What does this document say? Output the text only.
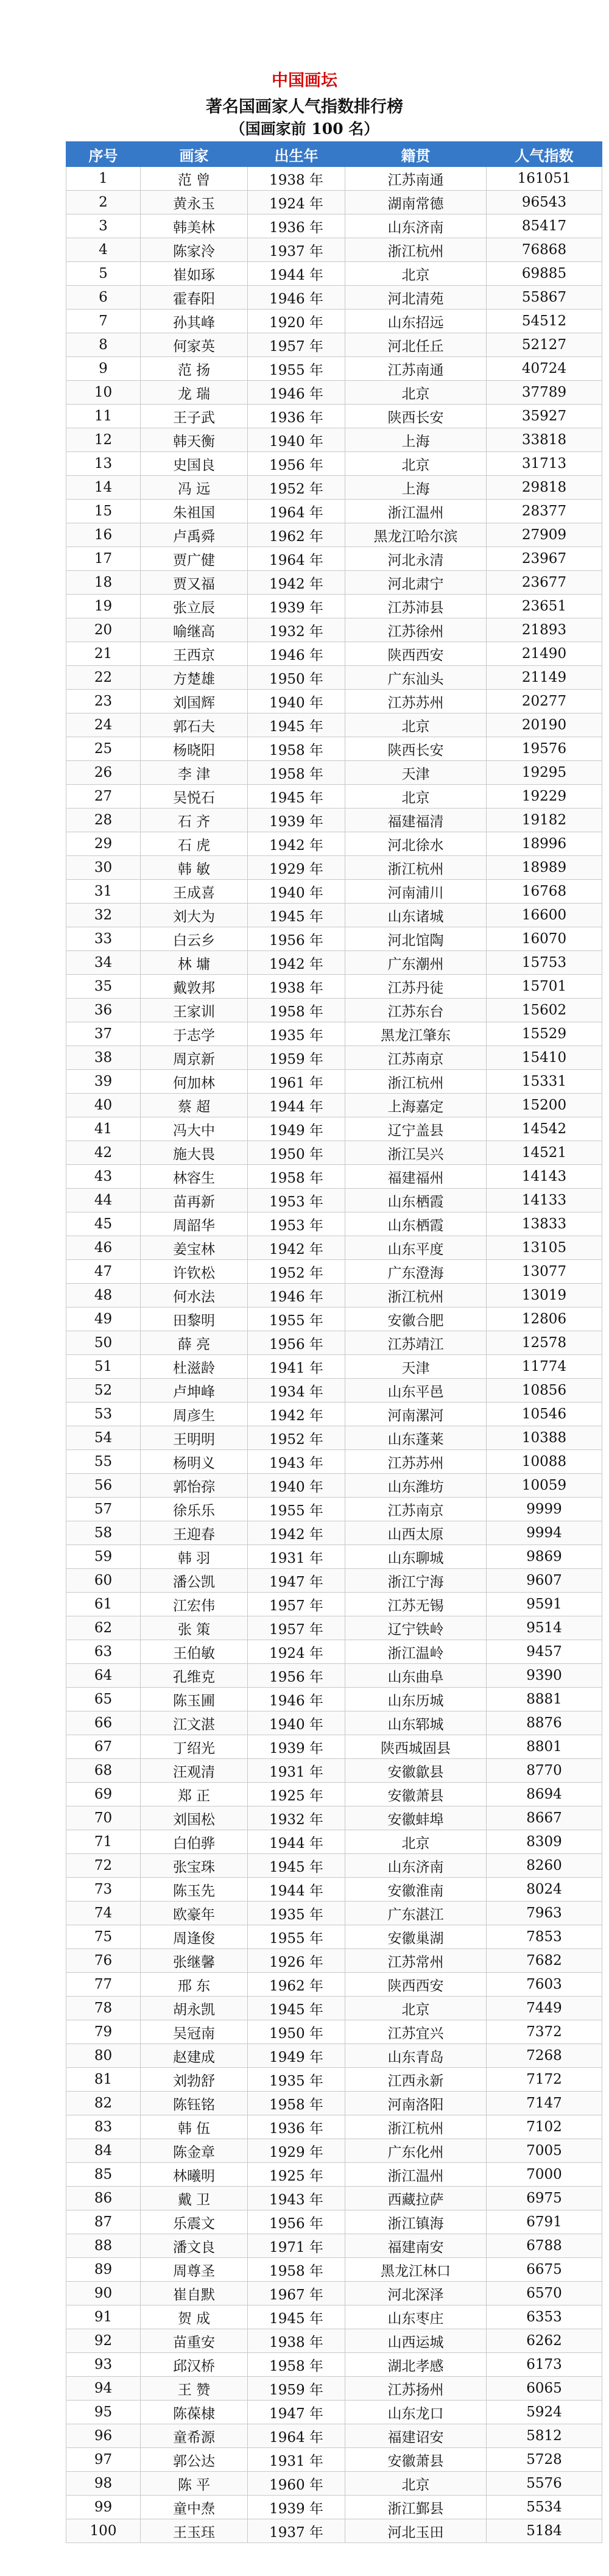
中国画坛
著名国画家人气指数排行榜
（国画家前 100 名）
序号	画家	出生年	籍贯	人气指数
1	范 曾	1938 年	江苏南通	161051
2	黄永玉	1924 年	湖南常德	96543
3	韩美林	1936 年	山东济南	85417
4	陈家泠	1937 年	浙江杭州	76868
5	崔如琢	1944 年	北京	69885
6	霍春阳	1946 年	河北清苑	55867
7	孙其峰	1920 年	山东招远	54512
8	何家英	1957 年	河北任丘	52127
9	范 扬	1955 年	江苏南通	40724
10	龙 瑞	1946 年	北京	37789
11	王子武	1936 年	陕西长安	35927
12	韩天衡	1940 年	上海	33818
13	史国良	1956 年	北京	31713
14	冯 远	1952 年	上海	29818
15	朱祖国	1964 年	浙江温州	28377
16	卢禹舜	1962 年	黑龙江哈尔滨	27909
17	贾广健	1964 年	河北永清	23967
18	贾又福	1942 年	河北肃宁	23677
19	张立辰	1939 年	江苏沛县	23651
20	喻继高	1932 年	江苏徐州	21893
21	王西京	1946 年	陕西西安	21490
22	方楚雄	1950 年	广东汕头	21149
23	刘国辉	1940 年	江苏苏州	20277
24	郭石夫	1945 年	北京	20190
25	杨晓阳	1958 年	陕西长安	19576
26	李 津	1958 年	天津	19295
27	吴悦石	1945 年	北京	19229
28	石 齐	1939 年	福建福清	19182
29	石 虎	1942 年	河北徐水	18996
30	韩 敏	1929 年	浙江杭州	18989
31	王成喜	1940 年	河南浦川	16768
32	刘大为	1945 年	山东诸城	16600
33	白云乡	1956 年	河北馆陶	16070
34	林 墉	1942 年	广东潮州	15753
35	戴敦邦	1938 年	江苏丹徒	15701
36	王家训	1958 年	江苏东台	15602
37	于志学	1935 年	黑龙江肇东	15529
38	周京新	1959 年	江苏南京	15410
39	何加林	1961 年	浙江杭州	15331
40	蔡 超	1944 年	上海嘉定	15200
41	冯大中	1949 年	辽宁盖县	14542
42	施大畏	1950 年	浙江吴兴	14521
43	林容生	1958 年	福建福州	14143
44	苗再新	1953 年	山东栖霞	14133
45	周韶华	1953 年	山东栖霞	13833
46	姜宝林	1942 年	山东平度	13105
47	许钦松	1952 年	广东澄海	13077
48	何水法	1946 年	浙江杭州	13019
49	田黎明	1955 年	安徽合肥	12806
50	薛 亮	1956 年	江苏靖江	12578
51	杜滋龄	1941 年	天津	11774
52	卢坤峰	1934 年	山东平邑	10856
53	周彦生	1942 年	河南漯河	10546
54	王明明	1952 年	山东蓬莱	10388
55	杨明义	1943 年	江苏苏州	10088
56	郭怡孮	1940 年	山东潍坊	10059
57	徐乐乐	1955 年	江苏南京	9999
58	王迎春	1942 年	山西太原	9994
59	韩 羽	1931 年	山东聊城	9869
60	潘公凯	1947 年	浙江宁海	9607
61	江宏伟	1957 年	江苏无锡	9591
62	张 策	1957 年	辽宁铁岭	9514
63	王伯敏	1924 年	浙江温岭	9457
64	孔维克	1956 年	山东曲阜	9390
65	陈玉圃	1946 年	山东历城	8881
66	江文湛	1940 年	山东郓城	8876
67	丁绍光	1939 年	陕西城固县	8801
68	汪观清	1931 年	安徽歙县	8770
69	郑 正	1925 年	安徽萧县	8694
70	刘国松	1932 年	安徽蚌埠	8667
71	白伯骅	1944 年	北京	8309
72	张宝珠	1945 年	山东济南	8260
73	陈玉先	1944 年	安徽淮南	8024
74	欧豪年	1935 年	广东湛江	7963
75	周逢俊	1955 年	安徽巢湖	7853
76	张继馨	1926 年	江苏常州	7682
77	邢 东	1962 年	陕西西安	7603
78	胡永凯	1945 年	北京	7449
79	吴冠南	1950 年	江苏宜兴	7372
80	赵建成	1949 年	山东青岛	7268
81	刘勃舒	1935 年	江西永新	7172
82	陈钰铭	1958 年	河南洛阳	7147
83	韩 伍	1936 年	浙江杭州	7102
84	陈金章	1929 年	广东化州	7005
85	林曦明	1925 年	浙江温州	7000
86	戴 卫	1943 年	西藏拉萨	6975
87	乐震文	1956 年	浙江镇海	6791
88	潘文良	1971 年	福建南安	6788
89	周尊圣	1958 年	黑龙江林口	6675
90	崔自默	1967 年	河北深泽	6570
91	贺 成	1945 年	山东枣庄	6353
92	苗重安	1938 年	山西运城	6262
93	邱汉桥	1958 年	湖北孝感	6173
94	王 赞	1959 年	江苏扬州	6065
95	陈葆棣	1947 年	山东龙口	5924
96	童希源	1964 年	福建诏安	5812
97	郭公达	1931 年	安徽萧县	5728
98	陈 平	1960 年	北京	5576
99	童中焘	1939 年	浙江鄞县	5534
100	王玉珏	1937 年	河北玉田	5184
